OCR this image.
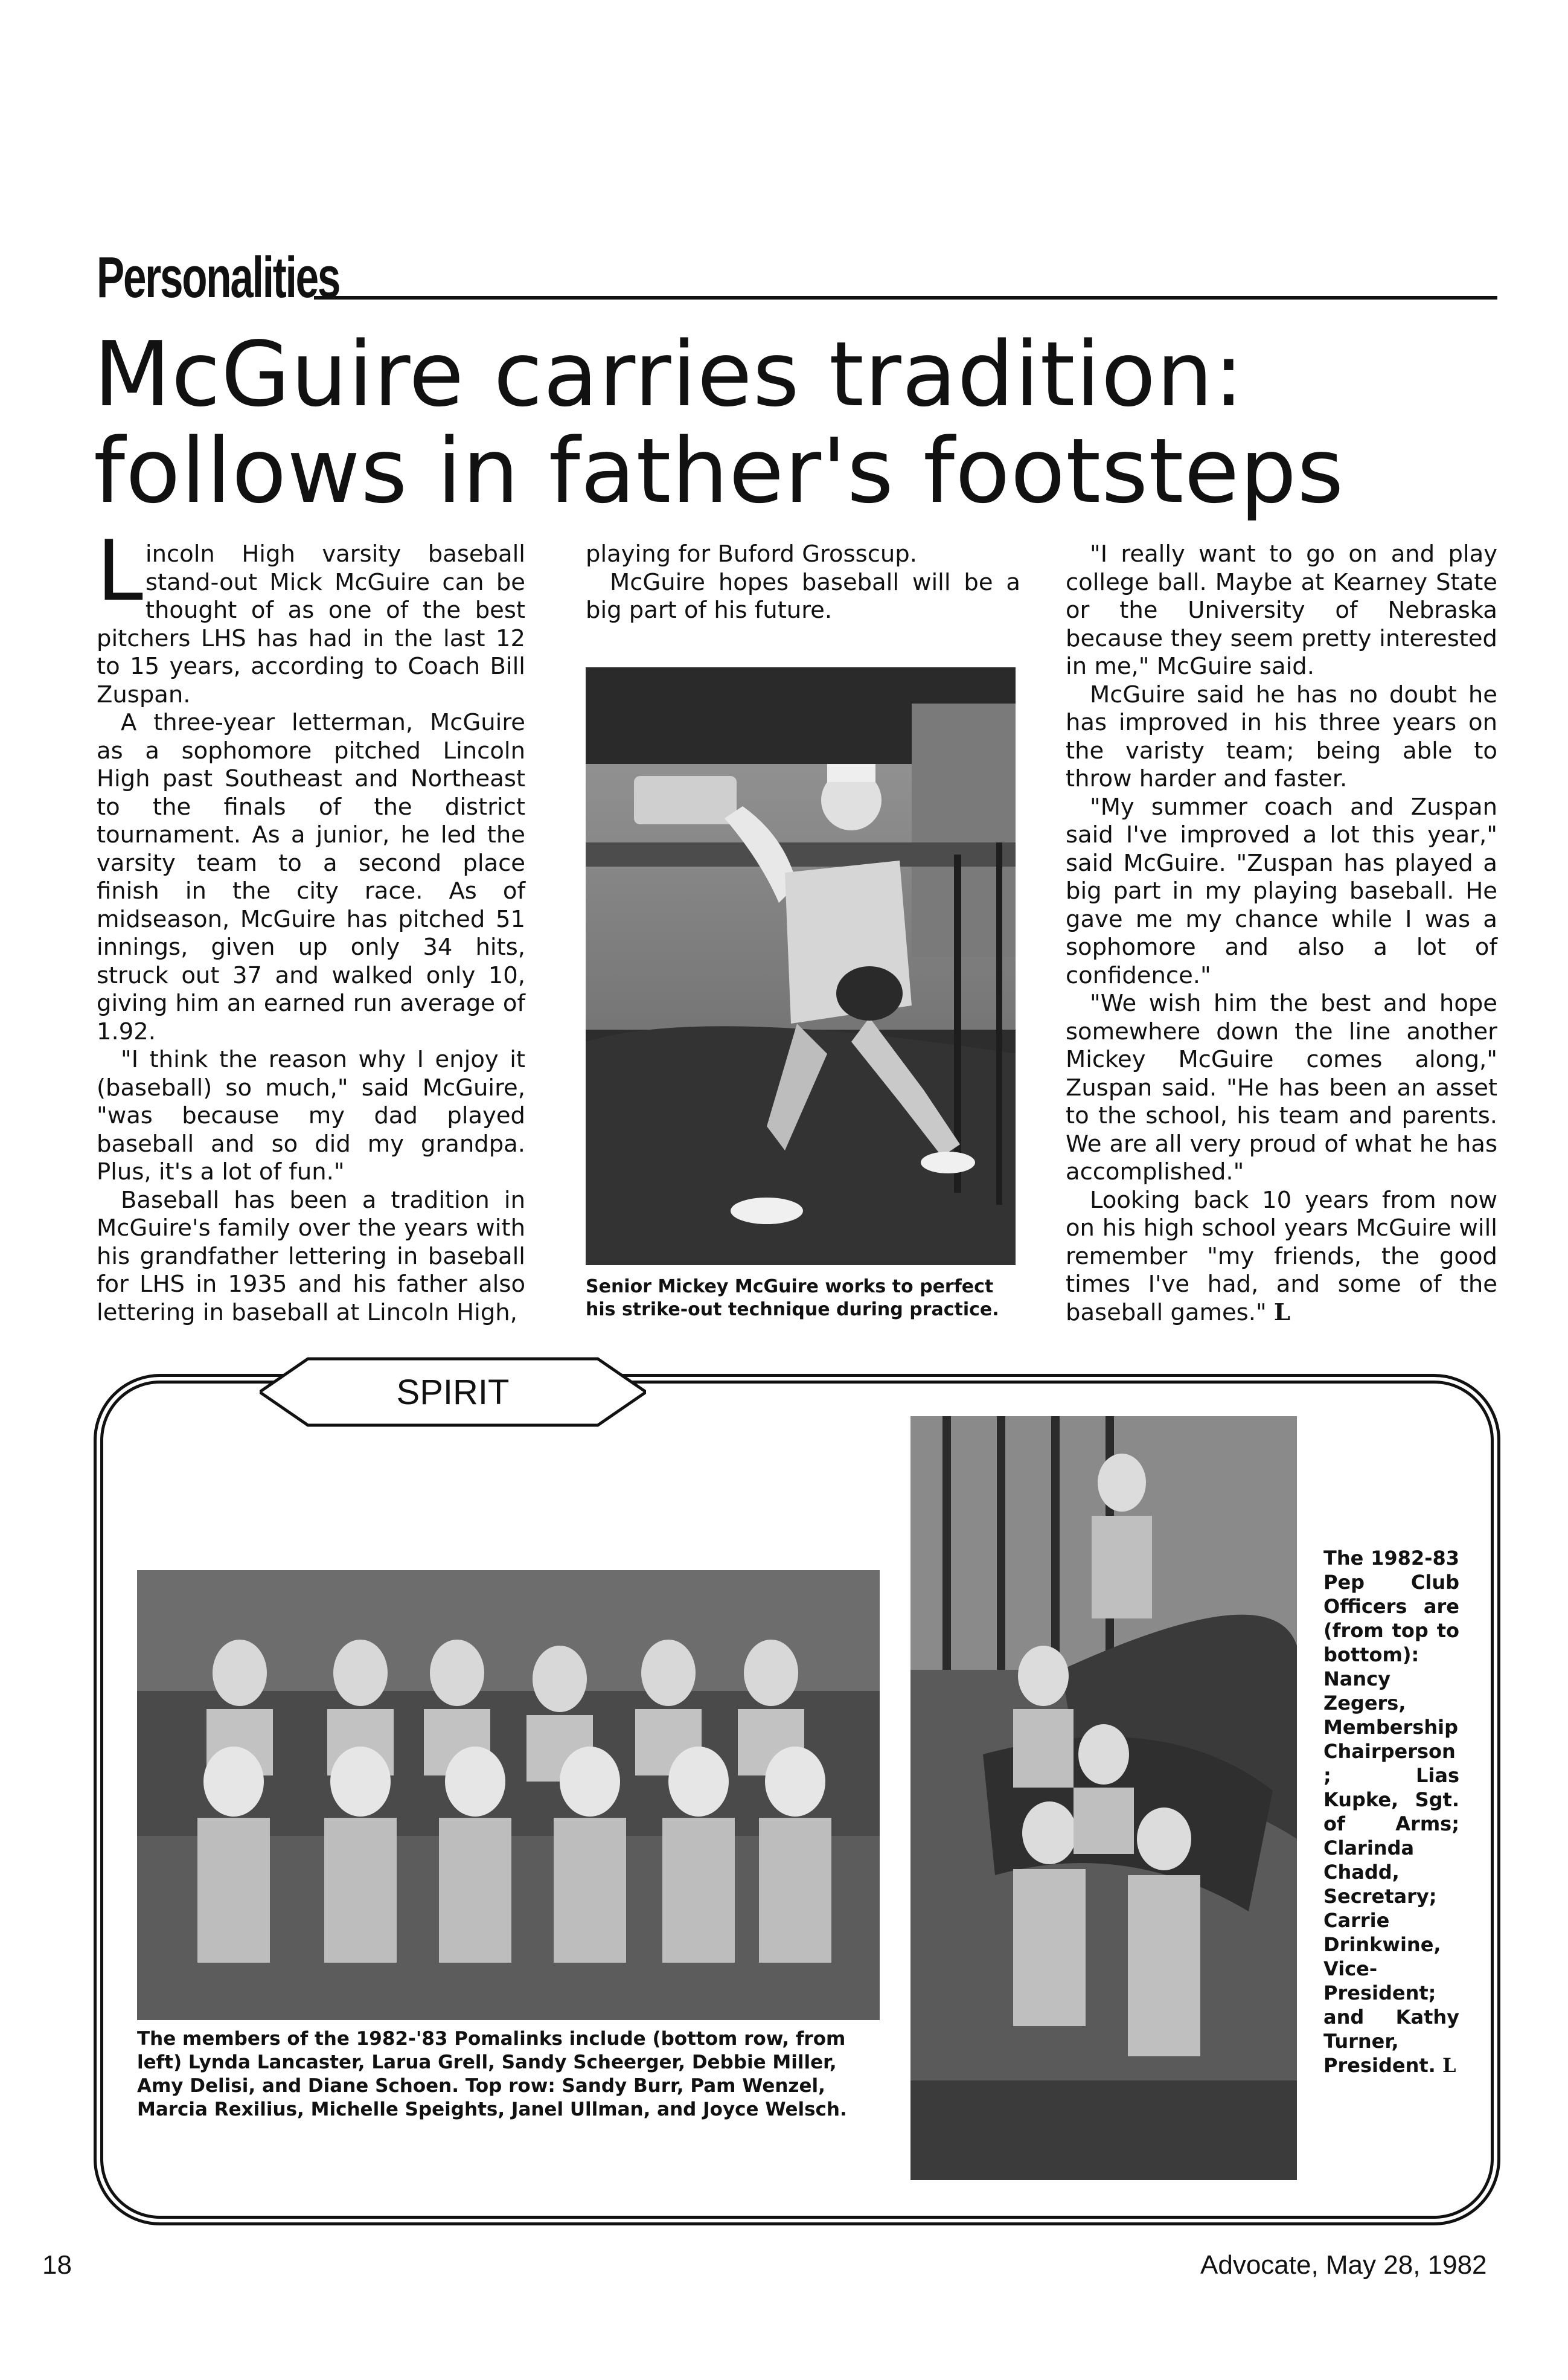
Personalities
McGuire carries tradition:
follows in father's footsteps

Lincoln High varsity baseball stand-out Mick McGuire can be thought of as one of the best pitchers LHS has had in the last 12 to 15 years, according to Coach Bill Zuspan.

A three-year letterman, McGuire as a sophomore pitched Lincoln High past Southeast and Northeast to the finals of the district tournament. As a junior, he led the varsity team to a second place finish in the city race. As of midseason, McGuire has pitched 51 innings, given up only 34 hits, struck out 37 and walked only 10, giving him an earned run average of 1.92.

"I think the reason why I enjoy it (baseball) so much," said McGuire, "was because my dad played baseball and so did my grandpa. Plus, it's a lot of fun."

Baseball has been a tradition in McGuire's family over the years with his grandfather lettering in baseball for LHS in 1935 and his father also lettering in baseball at Lincoln High,

playing for Buford Grosscup.

McGuire hopes baseball will be a big part of his future.

Senior Mickey McGuire works to perfect his strike-out technique during practice.

"I really want to go on and play college ball. Maybe at Kearney State or the University of Nebraska because they seem pretty interested in me," McGuire said.

McGuire said he has no doubt he has improved in his three years on the varisty team; being able to throw harder and faster.

"My summer coach and Zuspan said I've improved a lot this year," said McGuire. "Zuspan has played a big part in my playing baseball. He gave me my chance while I was a sophomore and also a lot of confidence."

"We wish him the best and hope somewhere down the line another Mickey McGuire comes along," Zuspan said. "He has been an asset to the school, his team and parents. We are all very proud of what he has accomplished."

Looking back 10 years from now on his high school years McGuire will remember "my friends, the good times I've had, and some of the baseball games." L

SPIRIT
The members of the 1982-'83 Pomalinks include (bottom row, from left) Lynda Lancaster, Larua Grell, Sandy Scheerger, Debbie Miller, Amy Delisi, and Diane Schoen. Top row: Sandy Burr, Pam Wenzel, Marcia Rexilius, Michelle Speights, Janel Ullman, and Joyce Welsch.
The 1982-83 Pep Club Officers are (from top to bottom): Nancy Zegers, Membership Chairperson; Lias Kupke, Sgt. of Arms; Clarinda Chadd, Secretary; Carrie Drinkwine, Vice-President; and Kathy Turner, President. L
18	Advocate, May 28, 1982
